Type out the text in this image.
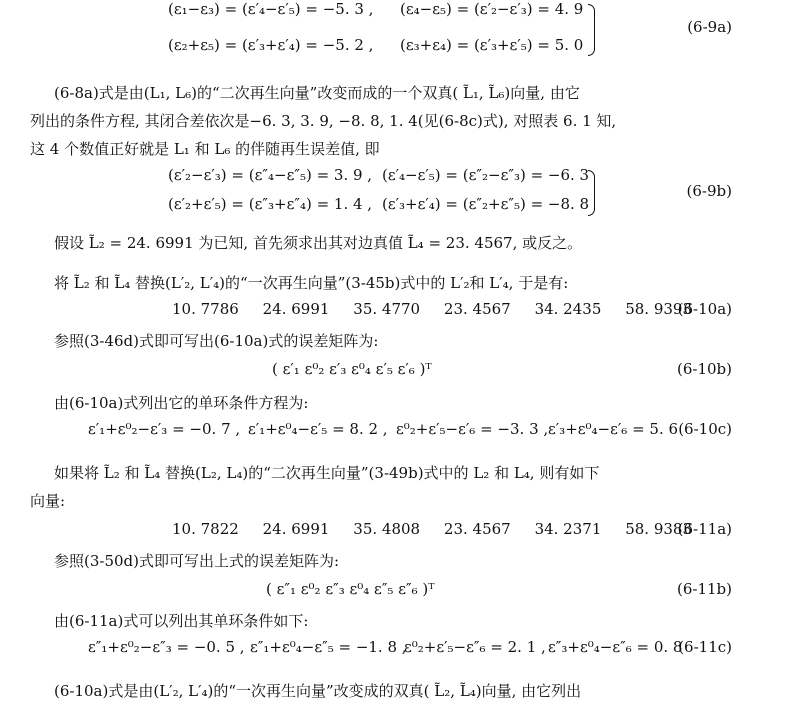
(ε₁−ε₃) = (ε′₄−ε′₅) = −5. 3 , (ε₄−ε₅) = (ε′₂−ε′₃) = 4. 9
(ε₂+ε₅) = (ε′₃+ε′₄) = −5. 2 , (ε₃+ε₄) = (ε′₃+ε′₅) = 5. 0
(6-9a)
(6-8a)式是由(L₁, L₆)的“二次再生向量”改变而成的一个双真( L̃₁, L̃₆)向量, 由它
列出的条件方程, 其闭合差依次是−6. 3, 3. 9, −8. 8, 1. 4(见(6-8c)式), 对照表 6. 1 知,
这 4 个数值正好就是 L₁ 和 L₆ 的伴随再生误差值, 即
(ε′₂−ε′₃) = (ε″₄−ε″₅) = 3. 9 , (ε′₄−ε′₅) = (ε″₂−ε″₃) = −6. 3
(ε′₂+ε′₅) = (ε″₃+ε″₄) = 1. 4 , (ε′₃+ε′₄) = (ε″₂+ε″₅) = −8. 8
(6-9b)
假设 L̃₂ = 24. 6991 为已知, 首先须求出其对边真值 L̃₄ = 23. 4567, 或反之。
将 L̃₂ 和 L̃₄ 替换(L′₂, L′₄)的“一次再生向量”(3-45b)式中的 L′₂和 L′₄, 于是有:
10. 7786 24. 6991 35. 4770 23. 4567 34. 2435 58. 9393
(6-10a)
参照(3-46d)式即可写出(6-10a)式的误差矩阵为:
( ε′₁ ε⁰₂ ε′₃ ε⁰₄ ε′₅ ε′₆ )ᵀ	(6-10b)
由(6-10a)式列出它的单环条件方程为:
ε′₁+ε⁰₂−ε′₃ = −0. 7 , ε′₁+ε⁰₄−ε′₅ = 8. 2 , ε⁰₂+ε′₅−ε′₆ = −3. 3 , ε′₃+ε⁰₄−ε′₆ = 5. 6 (6-10c)
如果将 L̃₂ 和 L̃₄ 替换(L₂, L₄)的“二次再生向量”(3-49b)式中的 L₂ 和 L₄, 则有如下
向量:
10. 7822 24. 6991 35. 4808 23. 4567 34. 2371 58. 9383
(6-11a)
参照(3-50d)式即可写出上式的误差矩阵为:
( ε″₁ ε⁰₂ ε″₃ ε⁰₄ ε″₅ ε″₆ )ᵀ	(6-11b)
由(6-11a)式可以列出其单环条件如下:
ε″₁+ε⁰₂−ε″₃ = −0. 5 , ε″₁+ε⁰₄−ε″₅ = −1. 8 ,
ε⁰₂+ε′₅−ε″₆ = 2. 1 , ε″₃+ε⁰₄−ε″₆ = 0. 8
(6-11c)
(6-10a)式是由(L′₂, L′₄)的“一次再生向量”改变成的双真( L̃₂, L̃₄)向量, 由它列出
